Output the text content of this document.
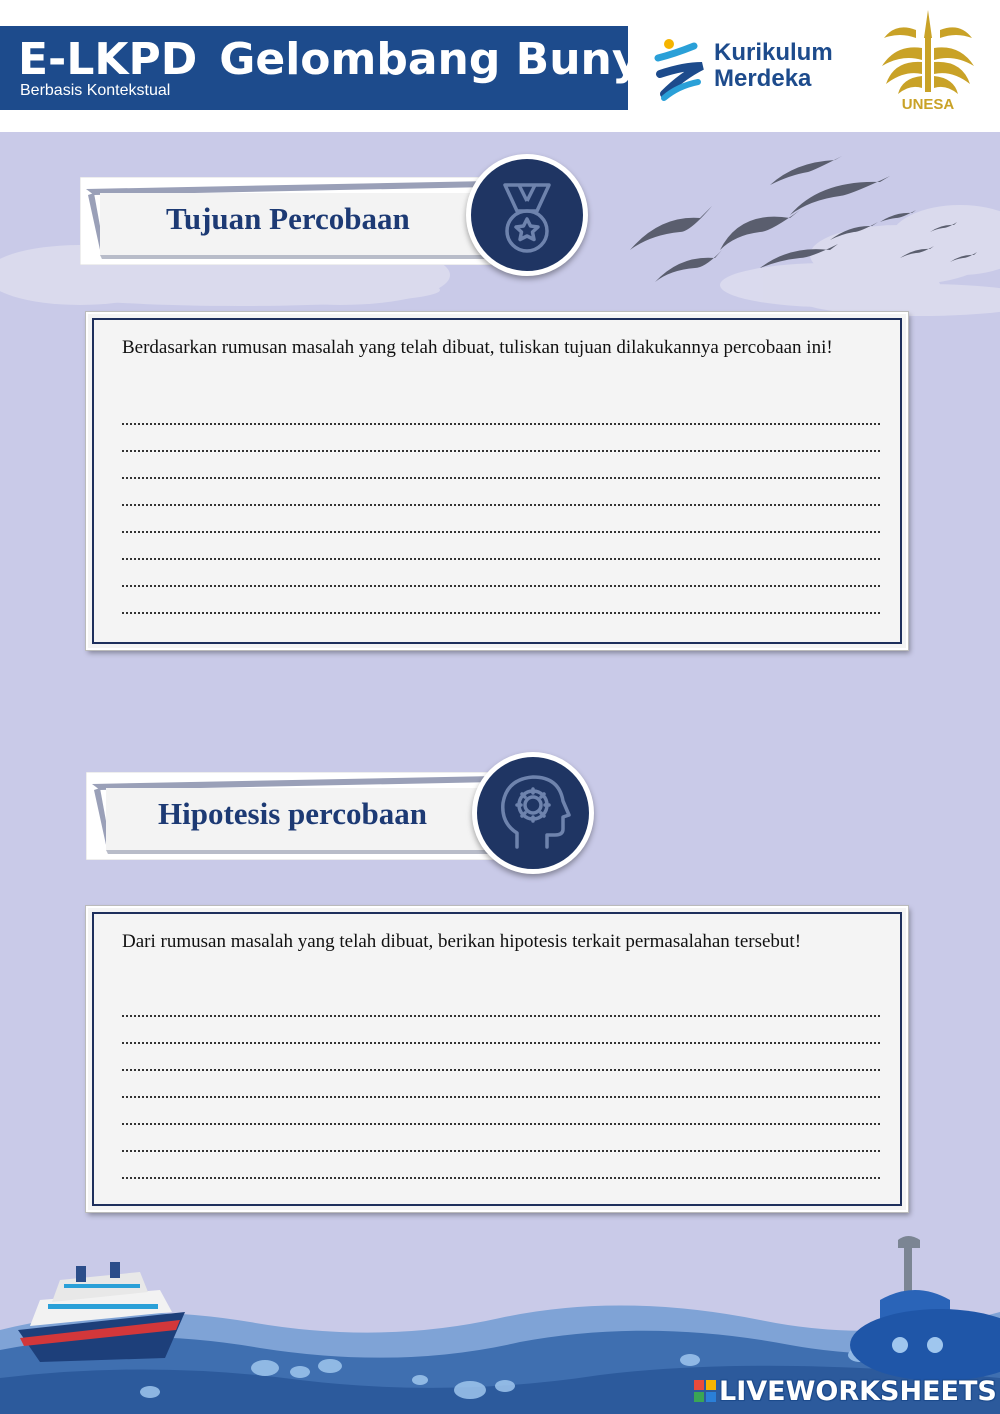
E-LKPD Gelombang Bunyi
Berbasis Kontekstual
Kurikulum
Merdeka
UNESA
Tujuan Percobaan
Berdasarkan rumusan masalah yang telah dibuat, tuliskan tujuan dilakukannya percobaan ini!
Hipotesis percobaan
Dari rumusan masalah yang telah dibuat, berikan hipotesis terkait permasalahan tersebut!
LIVEWORKSHEETS
